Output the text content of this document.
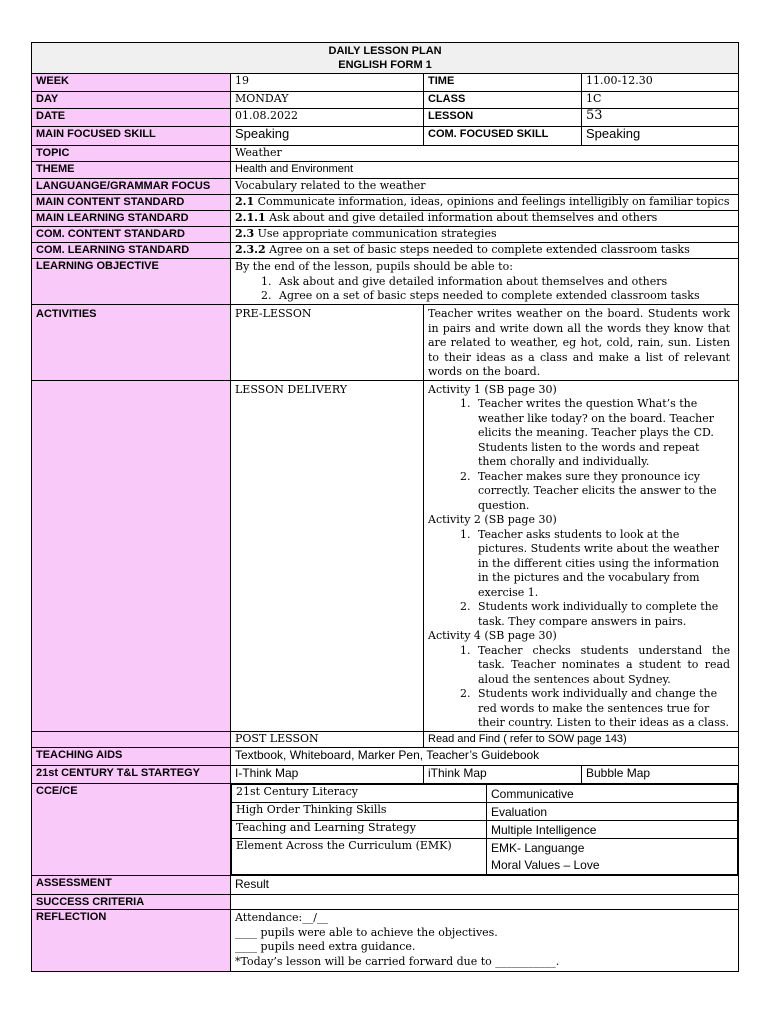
DAILY LESSON PLAN
ENGLISH FORM 1

WEEK	19	TIME	11.00-12.30
DAY	MONDAY	CLASS	1C
DATE	01.08.2022	LESSON	53
MAIN FOCUSED SKILL	Speaking	COM. FOCUSED SKILL	Speaking
TOPIC	Weather
THEME	Health and Environment
LANGUANGE/GRAMMAR FOCUS	Vocabulary related to the weather
MAIN CONTENT STANDARD	2.1 Communicate information, ideas, opinions and feelings intelligibly on familiar topics
MAIN LEARNING STANDARD	2.1.1 Ask about and give detailed information about themselves and others
COM. CONTENT STANDARD	2.3 Use appropriate communication strategies
COM. LEARNING STANDARD	2.3.2 Agree on a set of basic steps needed to complete extended classroom tasks
LEARNING OBJECTIVE	By the end of the lesson, pupils should be able to:
1. Ask about and give detailed information about themselves and others
2. Agree on a set of basic steps needed to complete extended classroom tasks

ACTIVITIES	PRE-LESSON	Teacher writes weather on the board. Students work in pairs and write down all the words they know that are related to weather, eg hot, cold, rain, sun. Listen to their ideas as a class and make a list of relevant words on the board.
	LESSON DELIVERY	Activity 1 (SB page 30)
1. Teacher writes the question What’s the weather like today? on the board. Teacher elicits the meaning. Teacher plays the CD. Students listen to the words and repeat them chorally and individually.
2. Teacher makes sure they pronounce icy correctly. Teacher elicits the answer to the question.
Activity 2 (SB page 30)
1. Teacher asks students to look at the pictures. Students write about the weather in the different cities using the information in the pictures and the vocabulary from exercise 1.
2. Students work individually to complete the task. They compare answers in pairs.
Activity 4 (SB page 30)
1. Teacher checks students understand the task. Teacher nominates a student to read aloud the sentences about Sydney.
2. Students work individually and change the red words to make the sentences true for their country. Listen to their ideas as a class.

	POST LESSON	Read and Find ( refer to SOW page 143)
TEACHING AIDS	Textbook, Whiteboard, Marker Pen, Teacher’s Guidebook
21st CENTURY T&L STARTEGY	I-Think Map	iThink Map	Bubble Map
CCE/CE		21st Century Literacy	Communicative
High Order Thinking Skills	Evaluation
Teaching and Learning Strategy	Multiple Intelligence
Element Across the Curriculum (EMK)	EMK- Languange
Moral Values – Love

ASSESSMENT	Result
SUCCESS CRITERIA	
REFLECTION	Attendance:__/__
____ pupils were able to achieve the objectives.
____ pupils need extra guidance.
*Today’s lesson will be carried forward due to ___________.
